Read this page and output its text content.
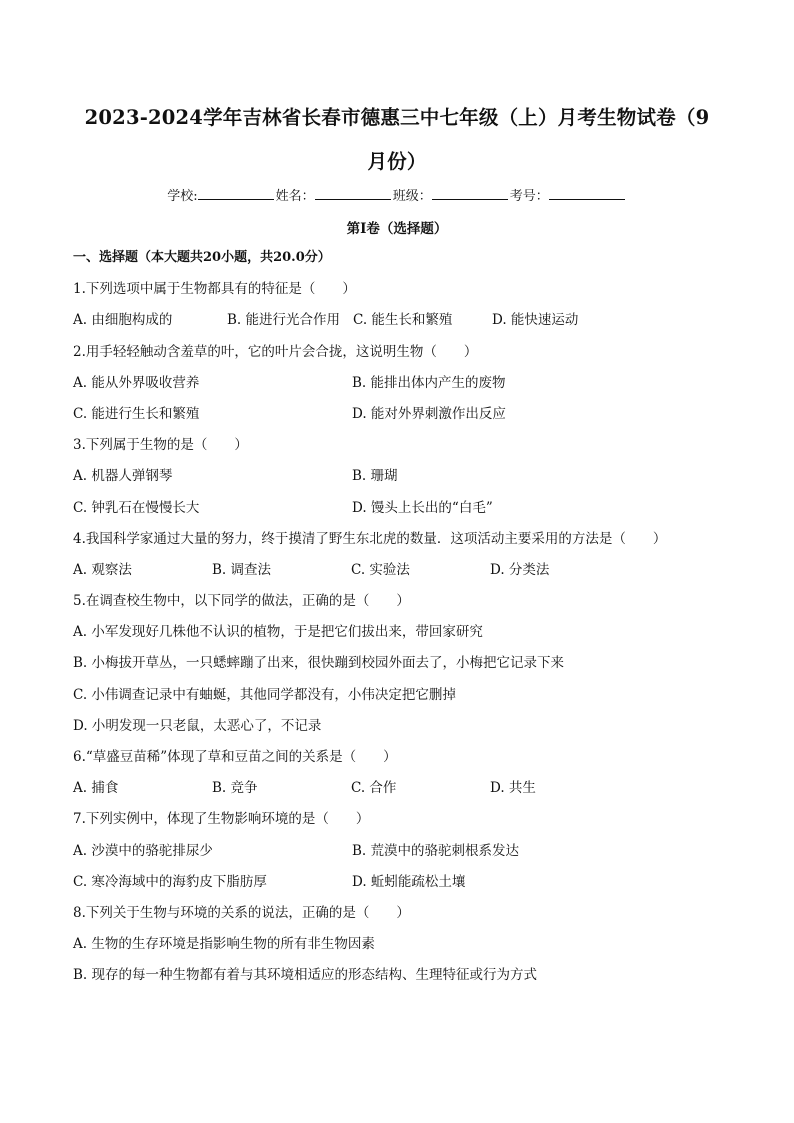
2023-2024学年吉林省长春市德惠三中七年级（上）月考生物试卷（9
月份）
学校:	姓名：	班级：	考号：
第Ⅰ卷（选择题）
一、选择题（本大题共20小题，共20.0分）
1.下列选项中属于生物都具有的特征是（　　）
A. 由细胞构成的	B. 能进行光合作用 C. 能生长和繁殖	D. 能快速运动
2.用手轻轻触动含羞草的叶，它的叶片会合拢，这说明生物（　　）
A. 能从外界吸收营养	B. 能排出体内产生的废物
C. 能进行生长和繁殖	D. 能对外界刺激作出反应
3.下列属于生物的是（　　）
A. 机器人弹钢琴	B. 珊瑚
C. 钟乳石在慢慢长大	D. 馒头上长出的“白毛”
4.我国科学家通过大量的努力，终于摸清了野生东北虎的数量．这项活动主要采用的方法是（　　）
A. 观察法	B. 调查法	C. 实验法	D. 分类法
5.在调查校生物中，以下同学的做法，正确的是（　　）
A. 小军发现好几株他不认识的植物，于是把它们拔出来，带回家研究
B. 小梅拔开草丛，一只蟋蟀蹦了出来，很快蹦到校园外面去了，小梅把它记录下来
C. 小伟调查记录中有蚰蜒，其他同学都没有，小伟决定把它删掉
D. 小明发现一只老鼠，太恶心了，不记录
6.“草盛豆苗稀”体现了草和豆苗之间的关系是（　　）
A. 捕食	B. 竞争	C. 合作	D. 共生
7.下列实例中，体现了生物影响环境的是（　　）
A. 沙漠中的骆驼排尿少	B. 荒漠中的骆驼刺根系发达
C. 寒冷海域中的海豹皮下脂肪厚	D. 蚯蚓能疏松土壤
8.下列关于生物与环境的关系的说法，正确的是（　　）
A. 生物的生存环境是指影响生物的所有非生物因素
B. 现存的每一种生物都有着与其环境相适应的形态结构、生理特征或行为方式
